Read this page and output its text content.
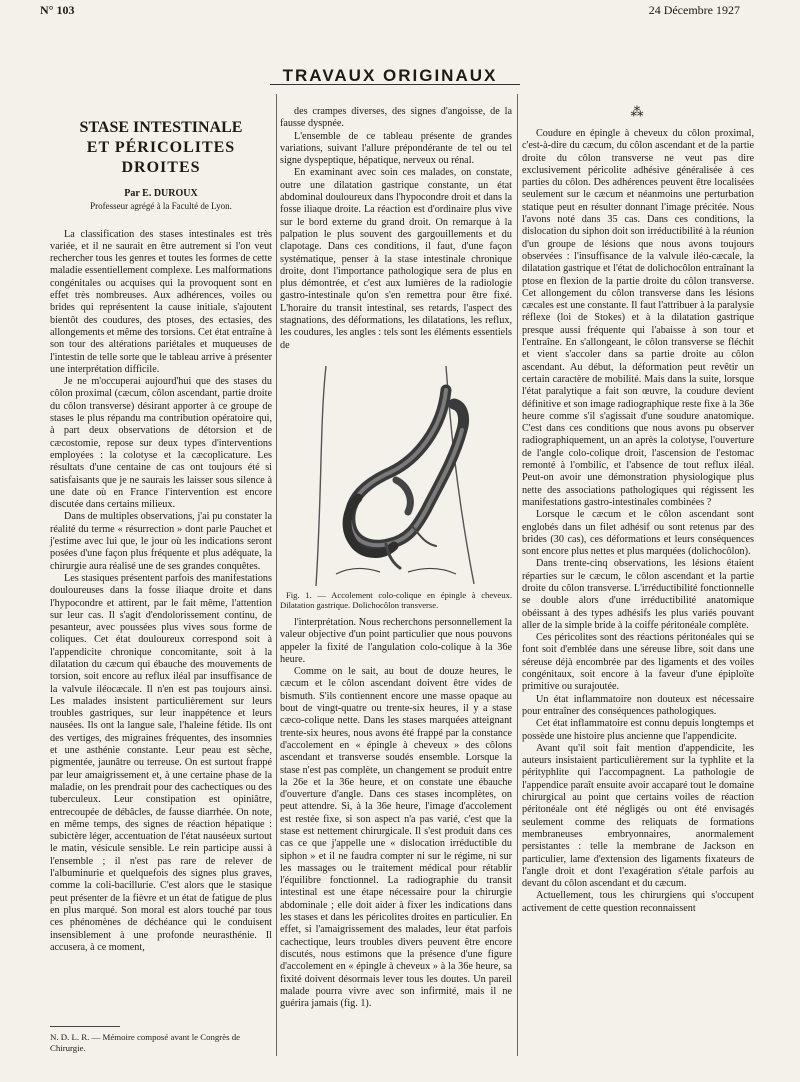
N° 103	24 Décembre 1927
TRAVAUX ORIGINAUX
STASE INTESTINALE
ET PÉRICOLITES DROITES
Par E. DUROUX
Professeur agrégé à la Faculté de Lyon.

La classification des stases intestinales est très variée, et il ne saurait en être autrement si l'on veut rechercher tous les genres et toutes les formes de cette maladie essentiellement complexe. Les malformations congénitales ou acquises qui la provoquent sont en effet très nombreuses. Aux adhérences, voiles ou brides qui représentent la cause initiale, s'ajoutent bientôt des coudures, des ptoses, des ectasies, des allongements et même des torsions. Cet état entraîne à son tour des altérations pariétales et muqueuses de l'intestin de telle sorte que le tableau arrive à présenter une interprétation difficile.

Je ne m'occuperai aujourd'hui que des stases du côlon proximal (cæcum, côlon ascendant, partie droite du côlon transverse) désirant apporter à ce groupe de stases le plus répandu ma contribution opératoire qui, à part deux observations de détorsion et de cæcostomie, repose sur deux types d'interventions employées : la colotyse et la cæcoplicature. Les résultats d'une centaine de cas ont toujours été si satisfaisants que je ne saurais les laisser sous silence à une date où en France l'intervention est encore discutée dans certains milieux.

Dans de multiples observations, j'ai pu constater la réalité du terme « résurrection » dont parle Pauchet et j'estime avec lui que, le jour où les indications seront posées d'une façon plus fréquente et plus adéquate, la chirurgie aura réalisé une de ses grandes conquêtes.

Les stasiques présentent parfois des manifestations douloureuses dans la fosse iliaque droite et dans l'hypocondre et attirent, par le fait même, l'attention sur leur cas. Il s'agit d'endolorissement continu, de pesanteur, avec poussées plus vives sous forme de coliques. Cet état douloureux correspond soit à l'appendicite chronique concomitante, soit à la dilatation du cæcum qui ébauche des mouvements de torsion, soit encore au reflux iléal par insuffisance de la valvule iléocæcale. Il n'en est pas toujours ainsi. Les malades insistent particulièrement sur leurs troubles gastriques, sur leur inappétence et leurs nausées. Ils ont la langue sale, l'haleine fétide. Ils ont des vertiges, des migraines fréquentes, des insomnies et une asthénie constante. Leur peau est sèche, pigmentée, jaunâtre ou terreuse. On est surtout frappé par leur amaigrissement et, à une certaine phase de la maladie, on les prendrait pour des cachectiques ou des tuberculeux. Leur constipation est opiniâtre, entrecoupée de débâcles, de fausse diarrhée. On note, en même temps, des signes de réaction hépatique : subictère léger, accentuation de l'état nauséeux surtout le matin, vésicule sensible. Le rein participe aussi à l'ensemble ; il n'est pas rare de relever de l'albuminurie et quelquefois des signes plus graves, comme la coli-bacillurie. C'est alors que le stasique peut présenter de la fièvre et un état de fatigue de plus en plus marqué. Son moral est alors touché par tous ces phénomènes de déchéance qui le conduisent insensiblement à une profonde neurasthénie. Il accusera, à ce moment,

N. D. L. R. — Mémoire composé avant le Congrès de Chirurgie.

des crampes diverses, des signes d'angoisse, de la fausse dyspnée.

L'ensemble de ce tableau présente de grandes variations, suivant l'allure prépondérante de tel ou tel signe dyspeptique, hépatique, nerveux ou rénal.

En examinant avec soin ces malades, on constate, outre une dilatation gastrique constante, un état abdominal douloureux dans l'hypocondre droit et dans la fosse iliaque droite. La réaction est d'ordinaire plus vive sur le bord externe du grand droit. On remarque à la palpation le plus souvent des gargouillements et du clapotage. Dans ces conditions, il faut, d'une façon systématique, penser à la stase intestinale chronique droite, dont l'importance pathologique sera de plus en plus démontrée, et c'est aux lumières de la radiologie gastro-intestinale qu'on s'en remettra pour être fixé. L'horaire du transit intestinal, ses retards, l'aspect des stagnations, des déformations, les dilatations, les reflux, les coudures, les angles : tels sont les éléments essentiels de

Fig. 1. — Accolement colo-colique en épingle à cheveux. Dilatation gastrique. Dolichocôlon transverse.

l'interprétation. Nous recherchons personnellement la valeur objective d'un point particulier que nous pouvons appeler la fixité de l'angulation colo-colique à la 36e heure.

Comme on le sait, au bout de douze heures, le cæcum et le côlon ascendant doivent être vides de bismuth. S'ils contiennent encore une masse opaque au bout de vingt-quatre ou trente-six heures, il y a stase cæco-colique nette. Dans les stases marquées atteignant trente-six heures, nous avons été frappé par la constance d'accolement en « épingle à cheveux » des côlons ascendant et transverse soudés ensemble. Lorsque la stase n'est pas complète, un changement se produit entre la 26e et la 36e heure, et on constate une ébauche d'ouverture d'angle. Dans ces stases incomplètes, on peut attendre. Si, à la 36e heure, l'image d'accolement est restée fixe, si son aspect n'a pas varié, c'est que la stase est nettement chirurgicale. Il s'est produit dans ces cas ce que j'appelle une « dislocation irréductible du siphon » et il ne faudra compter ni sur le régime, ni sur les massages ou le traitement médical pour rétablir l'équilibre fonctionnel. La radiographie du transit intestinal est une étape nécessaire pour la chirurgie abdominale ; elle doit aider à fixer les indications dans les stases et dans les péricolites droites en particulier. En effet, si l'amaigrissement des malades, leur état parfois cachectique, leurs troubles divers peuvent être encore discutés, nous estimons que la présence d'une figure d'accolement en « épingle à cheveux » à la 36e heure, sa fixité doivent désormais lever tous les doutes. Un pareil malade pourra vivre avec son infirmité, mais il ne guérira jamais (fig. 1).

⁂

Coudure en épingle à cheveux du côlon proximal, c'est-à-dire du cæcum, du côlon ascendant et de la partie droite du côlon transverse ne veut pas dire exclusivement péricolite adhésive généralisée à ces parties du côlon. Des adhérences peuvent être localisées seulement sur le cæcum et néanmoins une perturbation statique peut en résulter donnant l'image précitée. Nous l'avons noté dans 35 cas. Dans ces conditions, la dislocation du siphon doit son irréductibilité à la réunion d'un groupe de lésions que nous avons toujours observées : l'insuffisance de la valvule iléo-cæcale, la dilatation gastrique et l'état de dolichocôlon entraînant la ptose en flexion de la partie droite du côlon transverse. Cet allongement du côlon transverse dans les lésions cæcales est une constante. Il faut l'attribuer à la paralysie réflexe (loi de Stokes) et à la dilatation gastrique presque aussi fréquente qui l'abaisse à son tour et l'entraîne. En s'allongeant, le côlon transverse se fléchit et vient s'accoler dans sa partie droite au côlon ascendant. Au début, la déformation peut revêtir un certain caractère de mobilité. Mais dans la suite, lorsque l'état paralytique a fait son œuvre, la coudure devient définitive et son image radiographique reste fixe à la 36e heure comme s'il s'agissait d'une soudure anatomique. C'est dans ces conditions que nous avons pu observer radiographiquement, un an après la colotyse, l'ouverture de l'angle colo-colique droit, l'ascension de l'estomac remonté à l'ombilic, et l'absence de tout reflux iléal. Peut-on avoir une démonstration physiologique plus nette des associations pathologiques qui régissent les manifestations gastro-intestinales combinées ?

Lorsque le cæcum et le côlon ascendant sont englobés dans un filet adhésif ou sont retenus par des brides (30 cas), ces déformations et leurs conséquences sont encore plus nettes et plus marquées (dolichocôlon).

Dans trente-cinq observations, les lésions étaient réparties sur le cæcum, le côlon ascendant et la partie droite du côlon transverse. L'irréductibilité fonctionnelle se double alors d'une irréductibilité anatomique obéissant à des types adhésifs les plus variés pouvant aller de la simple bride à la coiffe péritonéale complète.

Ces péricolites sont des réactions péritonéales qui se font soit d'emblée dans une séreuse libre, soit dans une séreuse déjà encombrée par des ligaments et des voiles congénitaux, soit encore à la faveur d'une épiploïte primitive ou surajoutée.

Un état inflammatoire non douteux est nécessaire pour entraîner des conséquences pathologiques.

Cet état inflammatoire est connu depuis longtemps et possède une histoire plus ancienne que l'appendicite.

Avant qu'il soit fait mention d'appendicite, les auteurs insistaient particulièrement sur la typhlite et la pérityphlite qui l'accompagnent. La pathologie de l'appendice paraît ensuite avoir accaparé tout le domaine chirurgical au point que certains voiles de réaction péritonéale ont été négligés ou ont été envisagés seulement comme des reliquats de formations membraneuses embryonnaires, anormalement persistantes : telle la membrane de Jackson en particulier, lame d'extension des ligaments fixateurs de l'angle droit et dont l'exagération s'étale parfois au devant du côlon ascendant et du cæcum.

Actuellement, tous les chirurgiens qui s'occupent activement de cette question reconnaissent
